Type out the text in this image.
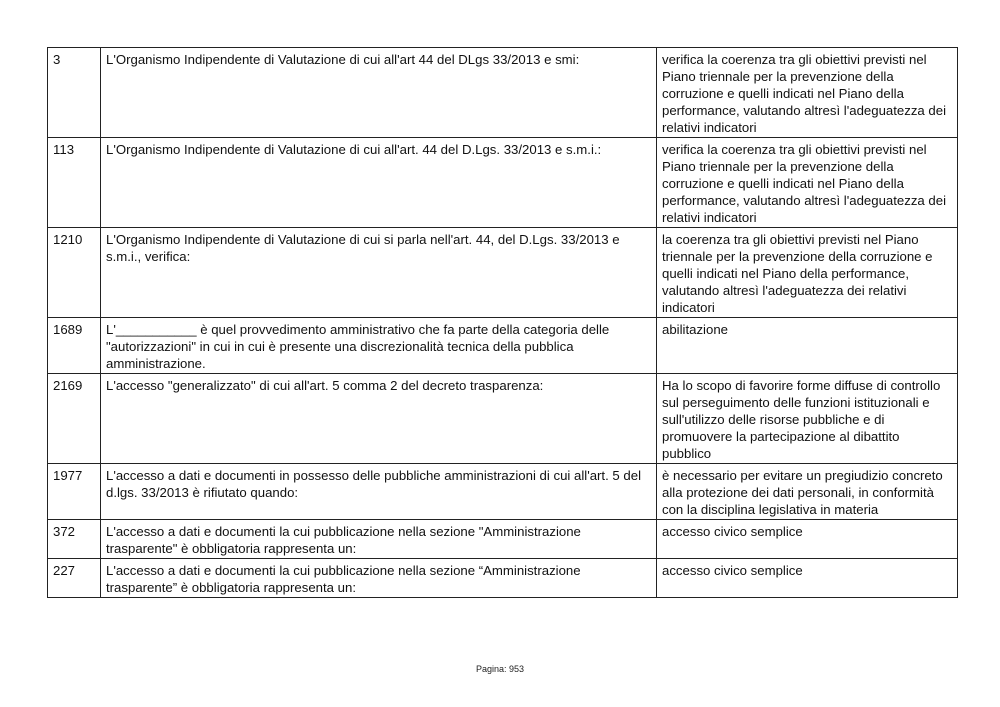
3	L'Organismo Indipendente di Valutazione di cui all'art 44 del DLgs 33/2013 e smi:	verifica la coerenza tra gli obiettivi previsti nel Piano triennale per la prevenzione della corruzione e quelli indicati nel Piano della performance, valutando altresì l'adeguatezza dei relativi indicatori
113	L'Organismo Indipendente di Valutazione di cui all'art. 44 del D.Lgs. 33/2013 e s.m.i.:	verifica la coerenza tra gli obiettivi previsti nel Piano triennale per la prevenzione della corruzione e quelli indicati nel Piano della performance, valutando altresì l'adeguatezza dei relativi indicatori
1210	L'Organismo Indipendente di Valutazione di cui si parla nell'art. 44, del D.Lgs. 33/2013 e s.m.i., verifica:	la coerenza tra gli obiettivi previsti nel Piano triennale per la prevenzione della corruzione e quelli indicati nel Piano della performance, valutando altresì l'adeguatezza dei relativi indicatori
1689	L'___________ è quel provvedimento amministrativo che fa parte della categoria delle "autorizzazioni" in cui in cui è presente una discrezionalità tecnica della pubblica amministrazione.	abilitazione
2169	L'accesso "generalizzato" di cui all'art. 5 comma 2 del decreto trasparenza:	Ha lo scopo di favorire forme diffuse di controllo sul perseguimento delle funzioni istituzionali e sull'utilizzo delle risorse pubbliche e di promuovere la partecipazione al dibattito pubblico
1977	L'accesso a dati e documenti in possesso delle pubbliche amministrazioni di cui all'art. 5 del d.lgs. 33/2013 è rifiutato quando:	è necessario per evitare un pregiudizio concreto alla protezione dei dati personali, in conformità con la disciplina legislativa in materia
372	L'accesso a dati e documenti la cui pubblicazione nella sezione "Amministrazione trasparente" è obbligatoria rappresenta un:	accesso civico semplice
227	L'accesso a dati e documenti la cui pubblicazione nella sezione “Amministrazione trasparente” è obbligatoria rappresenta un:	accesso civico semplice
Pagina: 953
